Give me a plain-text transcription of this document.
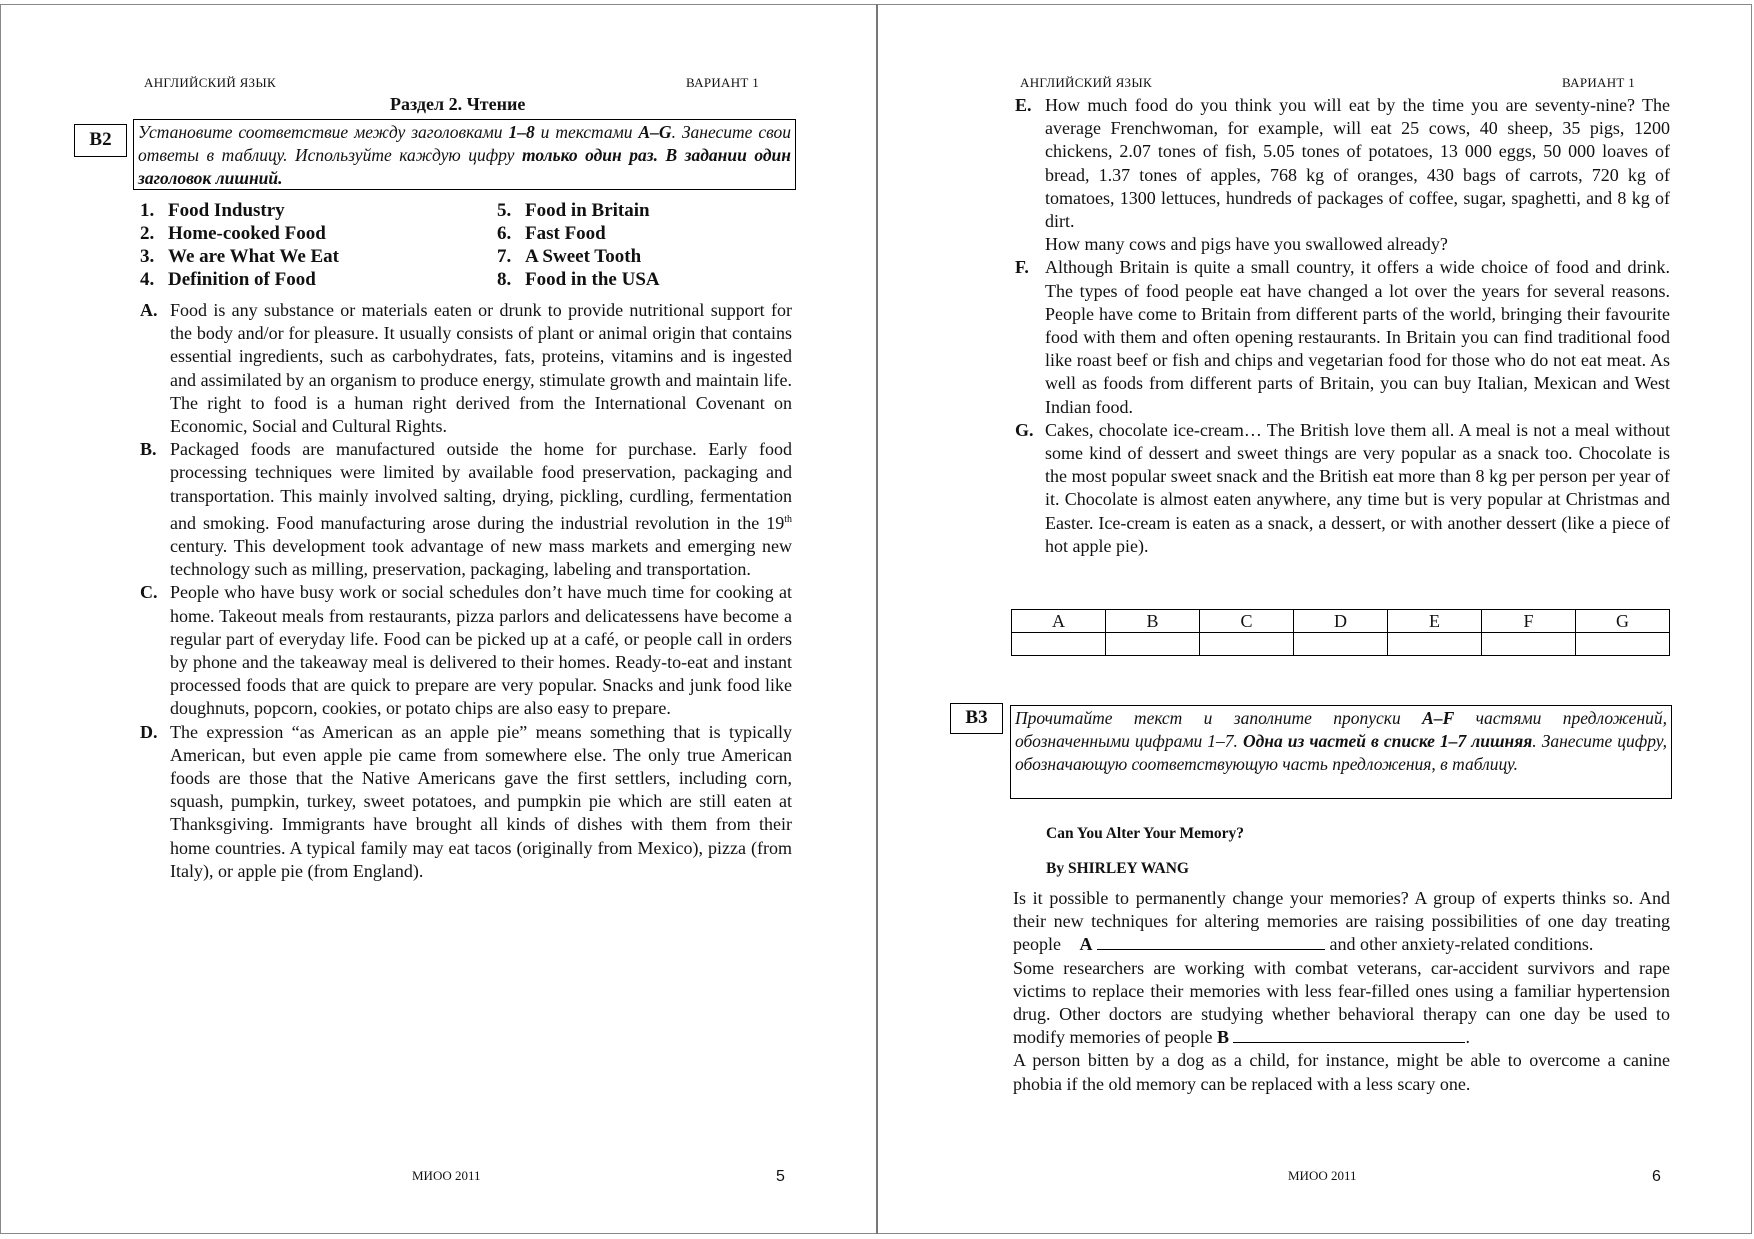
АНГЛИЙСКИЙ ЯЗЫК	ВАРИАНТ 1
Раздел 2. Чтение
B2	Установите соответствие между заголовками 1–8 и текстами A–G. Занесите свои ответы в таблицу. Используйте каждую цифру только один раз. В задании один заголовок лишний.
1. Food Industry
2. Home-cooked Food
3. We are What We Eat
4. Definition of Food
5. Food in Britain
6. Fast Food
7. A Sweet Tooth
8. Food in the USA
A. Food is any substance or materials eaten or drunk to provide nutritional support for the body and/or for pleasure. It usually consists of plant or animal origin that contains essential ingredients, such as carbohydrates, fats, proteins, vitamins and is ingested and assimilated by an organism to produce energy, stimulate growth and maintain life. The right to food is a human right derived from the International Covenant on Economic, Social and Cultural Rights.
B. Packaged foods are manufactured outside the home for purchase. Early food processing techniques were limited by available food preservation, packaging and transportation. This mainly involved salting, drying, pickling, curdling, fermentation and smoking. Food manufacturing arose during the industrial revolution in the 19th century. This development took advantage of new mass markets and emerging new technology such as milling, preservation, packaging, labeling and transportation.
C. People who have busy work or social schedules don’t have much time for cooking at home. Takeout meals from restaurants, pizza parlors and delicatessens have become a regular part of everyday life. Food can be picked up at a café, or people call in orders by phone and the takeaway meal is delivered to their homes. Ready-to-eat and instant processed foods that are quick to prepare are very popular. Snacks and junk food like doughnuts, popcorn, cookies, or potato chips are also easy to prepare.
D. The expression “as American as an apple pie” means something that is typically American, but even apple pie came from somewhere else. The only true American foods are those that the Native Americans gave the first settlers, including corn, squash, pumpkin, turkey, sweet potatoes, and pumpkin pie which are still eaten at Thanksgiving. Immigrants have brought all kinds of dishes with them from their home countries. A typical family may eat tacos (originally from Mexico), pizza (from Italy), or apple pie (from England).
МИОО 2011	5
АНГЛИЙСКИЙ ЯЗЫК	ВАРИАНТ 1
E. How much food do you think you will eat by the time you are seventy-nine? The average Frenchwoman, for example, will eat 25 cows, 40 sheep, 35 pigs, 1200 chickens, 2.07 tones of fish, 5.05 tones of potatoes, 13 000 eggs, 50 000 loaves of bread, 1.37 tones of apples, 768 kg of oranges, 430 bags of carrots, 720 kg of tomatoes, 1300 lettuces, hundreds of packages of coffee, sugar, spaghetti, and 8 kg of dirt.
How many cows and pigs have you swallowed already?
F. Although Britain is quite a small country, it offers a wide choice of food and drink. The types of food people eat have changed a lot over the years for several reasons. People have come to Britain from different parts of the world, bringing their favourite food with them and often opening restaurants. In Britain you can find traditional food like roast beef or fish and chips and vegetarian food for those who do not eat meat. As well as foods from different parts of Britain, you can buy Italian, Mexican and West Indian food.
G. Cakes, chocolate ice-cream… The British love them all. A meal is not a meal without some kind of dessert and sweet things are very popular as a snack too. Chocolate is the most popular sweet snack and the British eat more than 8 kg per person per year of it. Chocolate is almost eaten anywhere, any time but is very popular at Christmas and Easter. Ice-cream is eaten as a snack, a dessert, or with another dessert (like a piece of hot apple pie).
B3	Прочитайте текст и заполните пропуски A–F частями предложений, обозначенными цифрами 1–7. Одна из частей в списке 1–7 лишняя. Занесите цифру, обозначающую соответствующую часть предложения, в таблицу.
Can You Alter Your Memory?
By SHIRLEY WANG
Is it possible to permanently change your memories? A group of experts thinks so. And their new techniques for altering memories are raising possibilities of one day treating people A	and other anxiety-related conditions.
Some researchers are working with combat veterans, car-accident survivors and rape victims to replace their memories with less fear-filled ones using a familiar hypertension drug. Other doctors are studying whether behavioral therapy can one day be used to modify memories of people B	.
A person bitten by a dog as a child, for instance, might be able to overcome a canine phobia if the old memory can be replaced with a less scary one.
МИОО 2011	6
A	B	C	D	E	F	G
